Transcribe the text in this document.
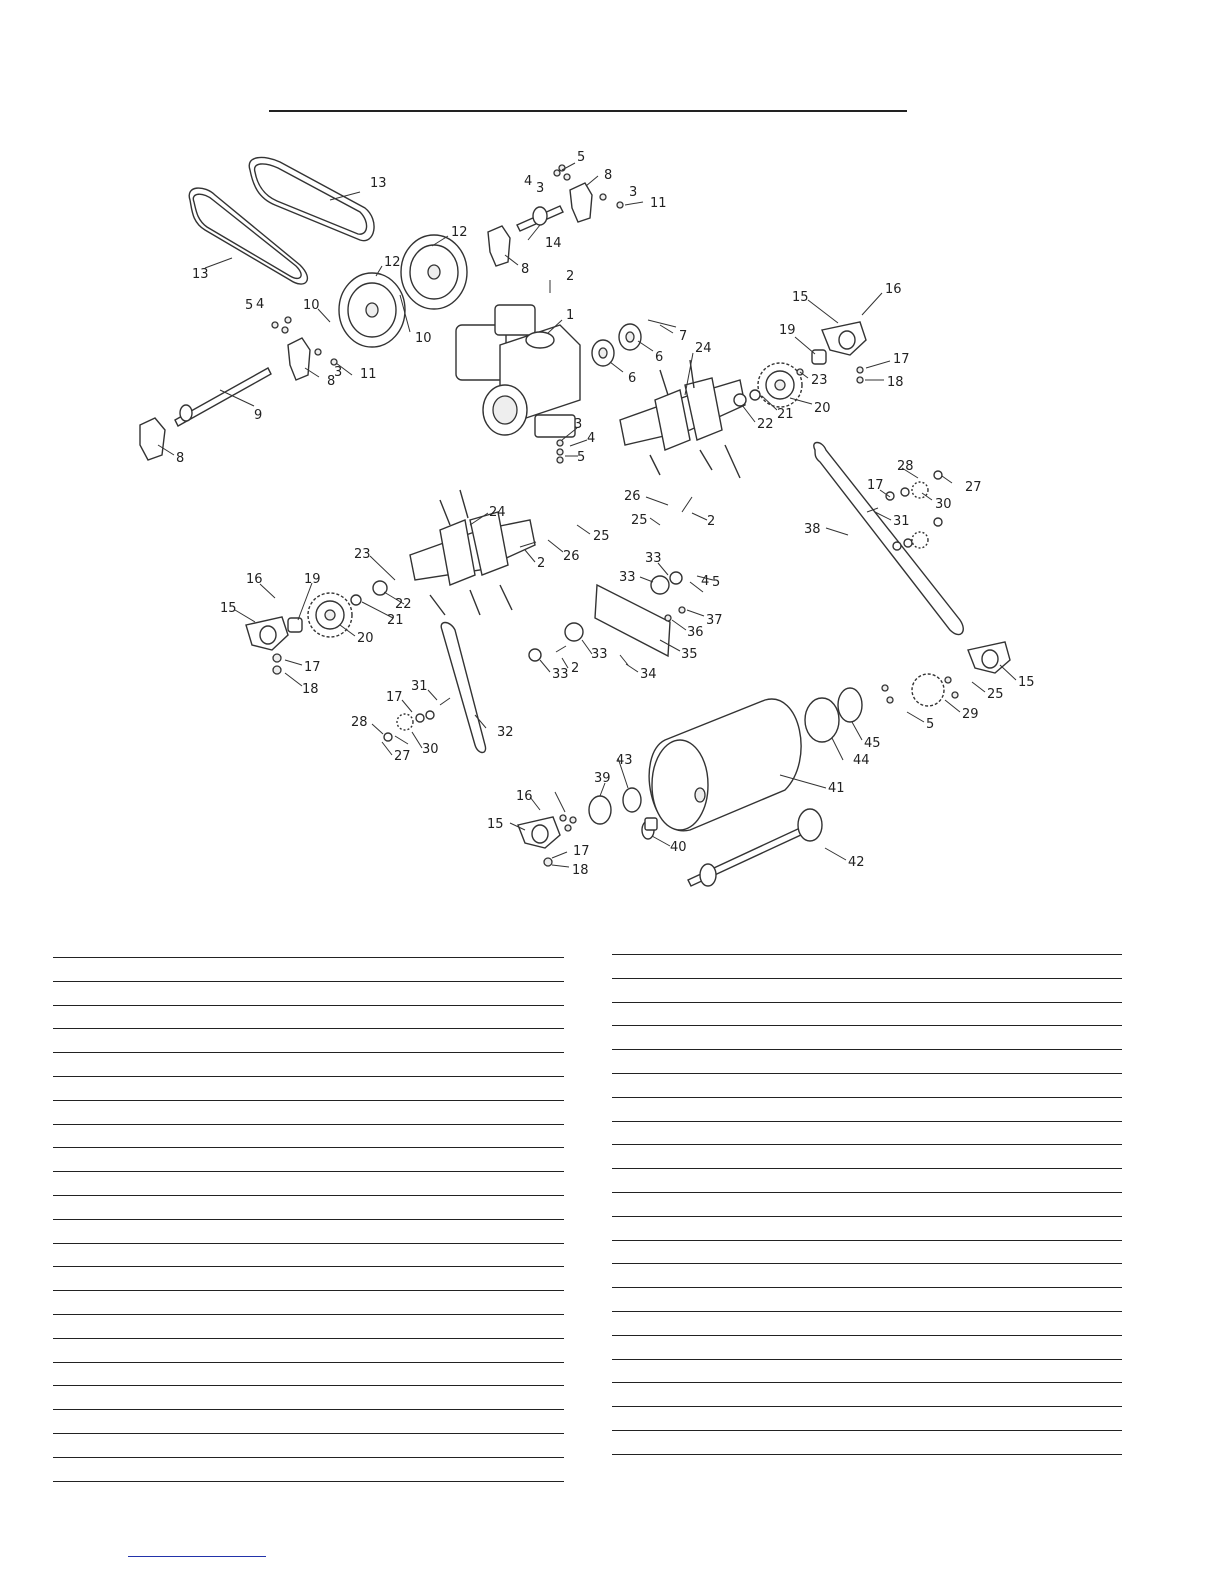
1
2
2
2
2
3	3
3
3
4
4
4
4
5
5
5
5
5
6
6
7
8
8
8
8
9
10
10
11
11
12
12
13
13
14
15
15
15
15
16
16
16
17
17
17
17
17
18
18
18
19
19
20
20
21
21
22
22
23
23
24
24
25
25
25
26
26
27
27
28
28
29
30
30
31
31
32
33
33
33
33	34
35
36
37
38
39
40
41
42
43	44
45
